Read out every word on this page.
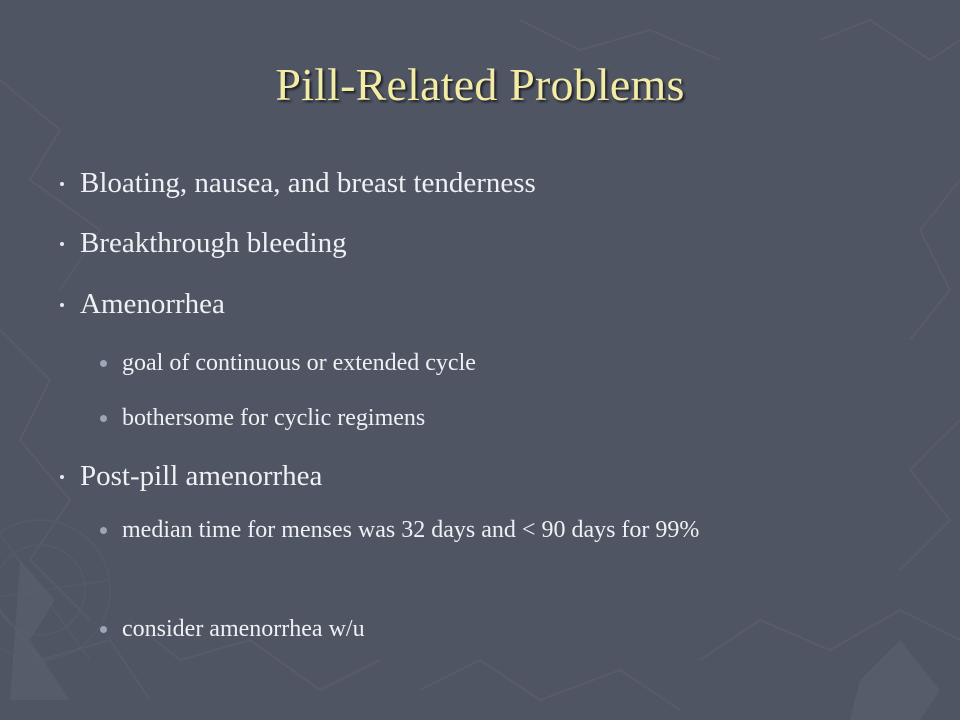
Pill-Related Problems
Bloating, nausea, and breast tenderness
Breakthrough bleeding
Amenorrhea
goal of continuous or extended cycle
bothersome for cyclic regimens
Post-pill amenorrhea
median time for menses was 32 days and < 90 days for 99%
consider amenorrhea w/u
